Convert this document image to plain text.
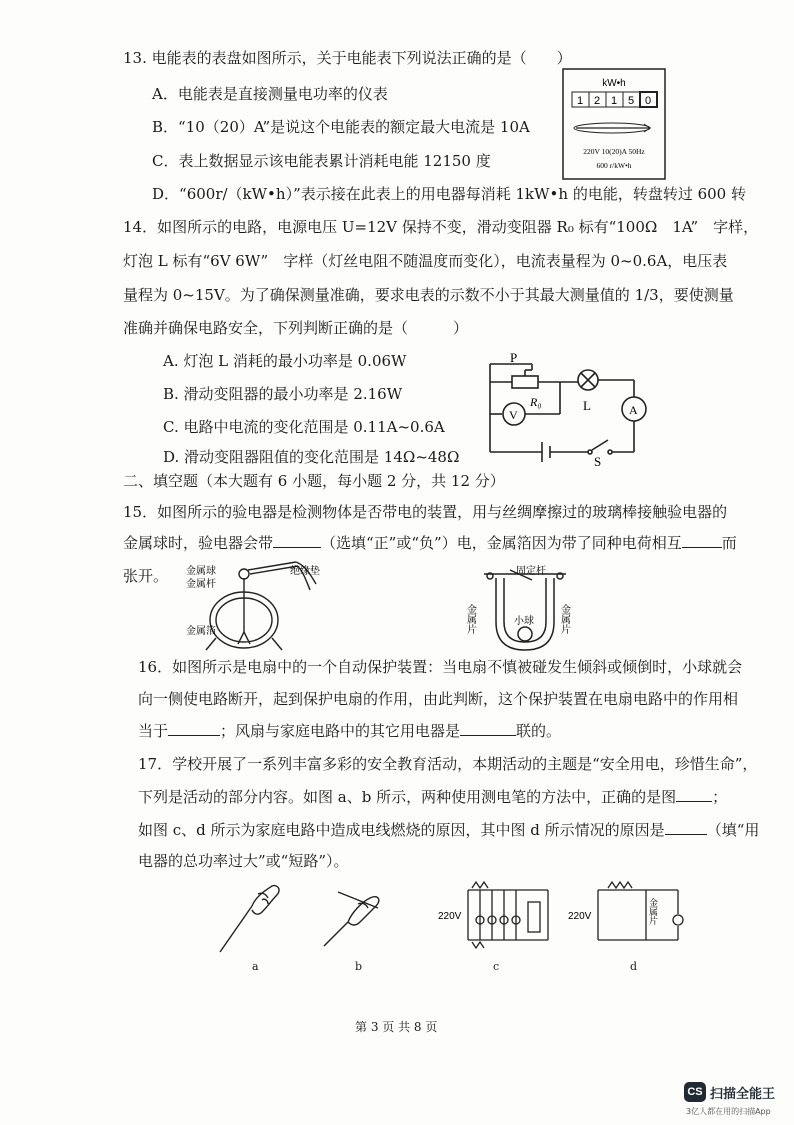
13. 电能表的表盘如图所示，关于电能表下列说法正确的是（　　）
A．电能表是直接测量电功率的仪表
B．“10（20）A”是说这个电能表的额定最大电流是 10A
C．表上数据显示该电能表累计消耗电能 12150 度
D．“600r/（kW•h）”表示接在此表上的用电器每消耗 1kW•h 的电能，转盘转过 600 转
kW•h
1 2 1 5 0
220V 10(20)A 50Hz
600 r/kW•h
14．如图所示的电路，电源电压 U=12V 保持不变，滑动变阻器 R₀ 标有“100Ω　1A”　字样，
灯泡 L 标有“6V 6W”　字样（灯丝电阻不随温度而变化），电流表量程为 0~0.6A，电压表
量程为 0~15V。为了确保测量准确，要求电表的示数不小于其最大测量值的 1/3，要使测量
准确并确保电路安全，下列判断正确的是（　　　）
A. 灯泡 L 消耗的最小功率是 0.06W
B. 滑动变阻器的最小功率是 2.16W
C. 电路中电流的变化范围是 0.11A~0.6A
D. 滑动变阻器阻值的变化范围是 14Ω~48Ω
P
R₀
V
L	A
S
二、填空题（本大题有 6 小题，每小题 2 分，共 12 分）
15．如图所示的验电器是检测物体是否带电的装置，用与丝绸摩擦过的玻璃棒接触验电器的
金属球时，验电器会带	（选填“正”或“负”）电，金属箔因为带了同种电荷相互	而
张开。 金属球
金属杆
绝缘垫
金属箔
固定杆
金属片	金属片
小球
16．如图所示是电扇中的一个自动保护装置：当电扇不慎被碰发生倾斜或倾倒时，小球就会
向一侧使电路断开，起到保护电扇的作用，由此判断，这个保护装置在电扇电路中的作用相
当于	；风扇与家庭电路中的其它用电器是	联的。
17．学校开展了一系列丰富多彩的安全教育活动，本期活动的主题是“安全用电，珍惜生命”，
下列是活动的部分内容。如图 a、b 所示，两种使用测电笔的方法中，正确的是图 ；
如图 c、d 所示为家庭电路中造成电线燃烧的原因，其中图 d 所示情况的原因是	（填“用
电器的总功率过大”或“短路”）。
220V	220V	金属片
a	b	c	d
第 3 页 共 8 页
CS 扫描全能王
3亿人都在用的扫描App
